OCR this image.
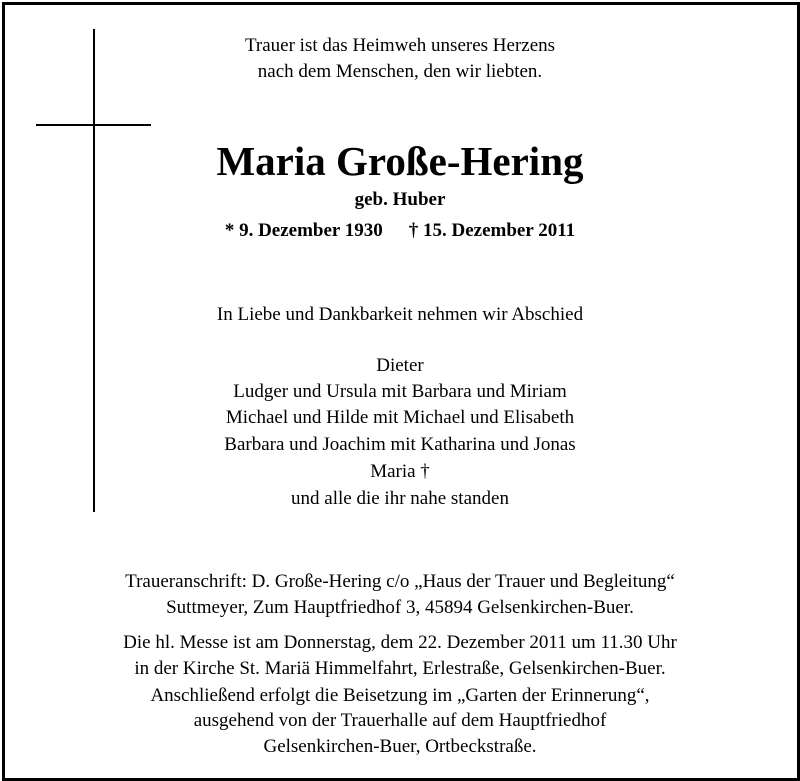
Trauer ist das Heimweh unseres Herzens
nach dem Menschen, den wir liebten.
Maria Große-Hering
geb. Huber
* 9. Dezember 1930 † 15. Dezember 2011
In Liebe und Dankbarkeit nehmen wir Abschied
Dieter
Ludger und Ursula mit Barbara und Miriam
Michael und Hilde mit Michael und Elisabeth
Barbara und Joachim mit Katharina und Jonas
Maria †
und alle die ihr nahe standen
Traueranschrift: D. Große-Hering c/o „Haus der Trauer und Begleitung“
Suttmeyer, Zum Hauptfriedhof 3, 45894 Gelsenkirchen-Buer.
Die hl. Messe ist am Donnerstag, dem 22. Dezember 2011 um 11.30 Uhr
in der Kirche St. Mariä Himmelfahrt, Erlestraße, Gelsenkirchen-Buer.
Anschließend erfolgt die Beisetzung im „Garten der Erinnerung“,
ausgehend von der Trauerhalle auf dem Hauptfriedhof
Gelsenkirchen-Buer, Ortbeckstraße.
